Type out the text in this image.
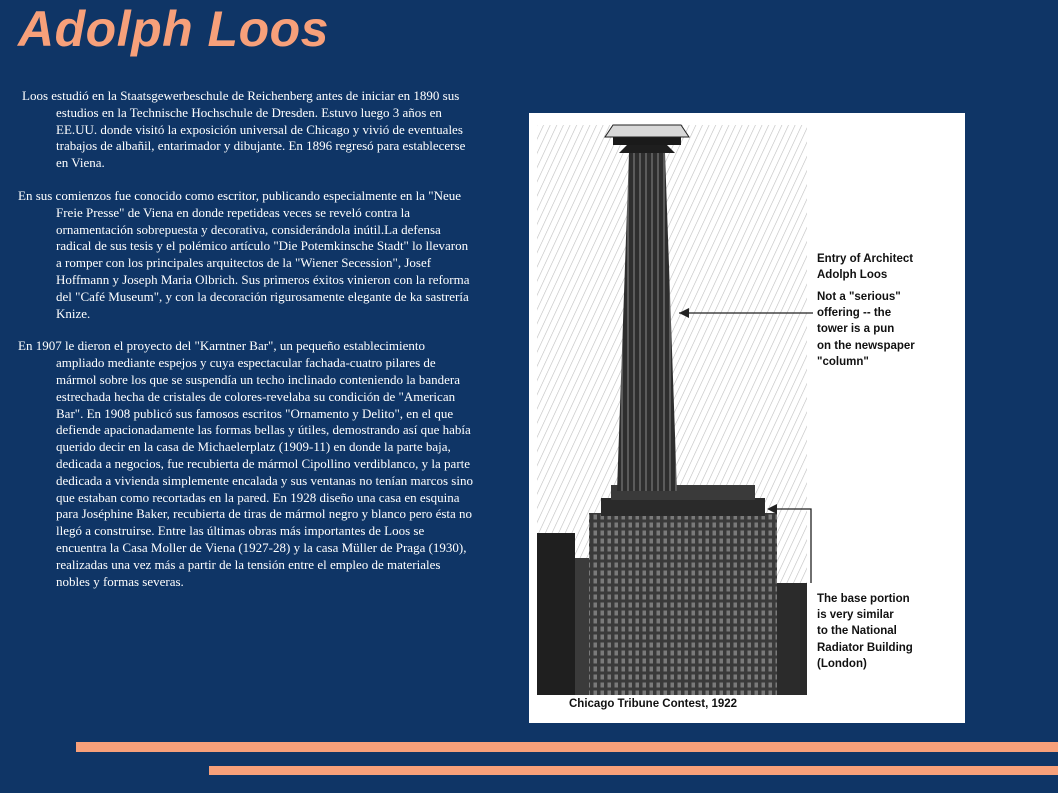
Adolph Loos

Loos estudió en la Staatsgewerbeschule de Reichenberg antes de iniciar en 1890 sus estudios en la Technische Hochschule de Dresden. Estuvo luego 3 años en EE.UU. donde visitó la exposición universal de Chicago y vivió de eventuales trabajos de albañil, entarimador y dibujante. En 1896 regresó para establecerse en Viena.

En sus comienzos fue conocido como escritor, publicando especialmente en la "Neue Freie Presse" de Viena en donde repetideas veces se reveló contra la ornamentación sobrepuesta y decorativa, considerándola inútil.La defensa radical de sus tesis y el polémico artículo "Die Potemkinsche Stadt" lo llevaron a romper con los principales arquitectos de la "Wiener Secession", Josef Hoffmann y Joseph Maria Olbrich. Sus primeros éxitos vinieron con la reforma del "Café Museum", y con la decoración rigurosamente elegante de ka sastrería Knize.

En 1907 le dieron el proyecto del "Karntner Bar", un pequeño establecimiento ampliado mediante espejos y cuya espectacular fachada-cuatro pilares de mármol sobre los que se suspendía un techo inclinado conteniendo la bandera estrechada hecha de cristales de colores-revelaba su condición de "American Bar". En 1908 publicó sus famosos escritos "Ornamento y Delito", en el que defiende apacionadamente las formas bellas y útiles, demostrando así que había querido decir en la casa de Michaelerplatz (1909-11) en donde la parte baja, dedicada a negocios, fue recubierta de mármol Cipollino verdiblanco, y la parte dedicada a vivienda simplemente encalada y sus ventanas no tenían marcos sino que estaban como recortadas en la pared. En 1928 diseño una casa en esquina para Joséphine Baker, recubierta de tiras de mármol negro y blanco pero ésta no llegó a construirse. Entre las últimas obras más importantes de Loos se encuentra la Casa Moller de Viena (1927-28) y la casa Müller de Praga (1930), realizadas una vez más a partir de la tensión entre el empleo de materiales nobles y formas severas.

Entry of Architect
Adolph Loos
Not a "serious"
offering -- the
tower is a pun
on the newspaper
"column"
The base portion
is very similar
to the National
Radiator Building
(London)
Chicago Tribune Contest, 1922
